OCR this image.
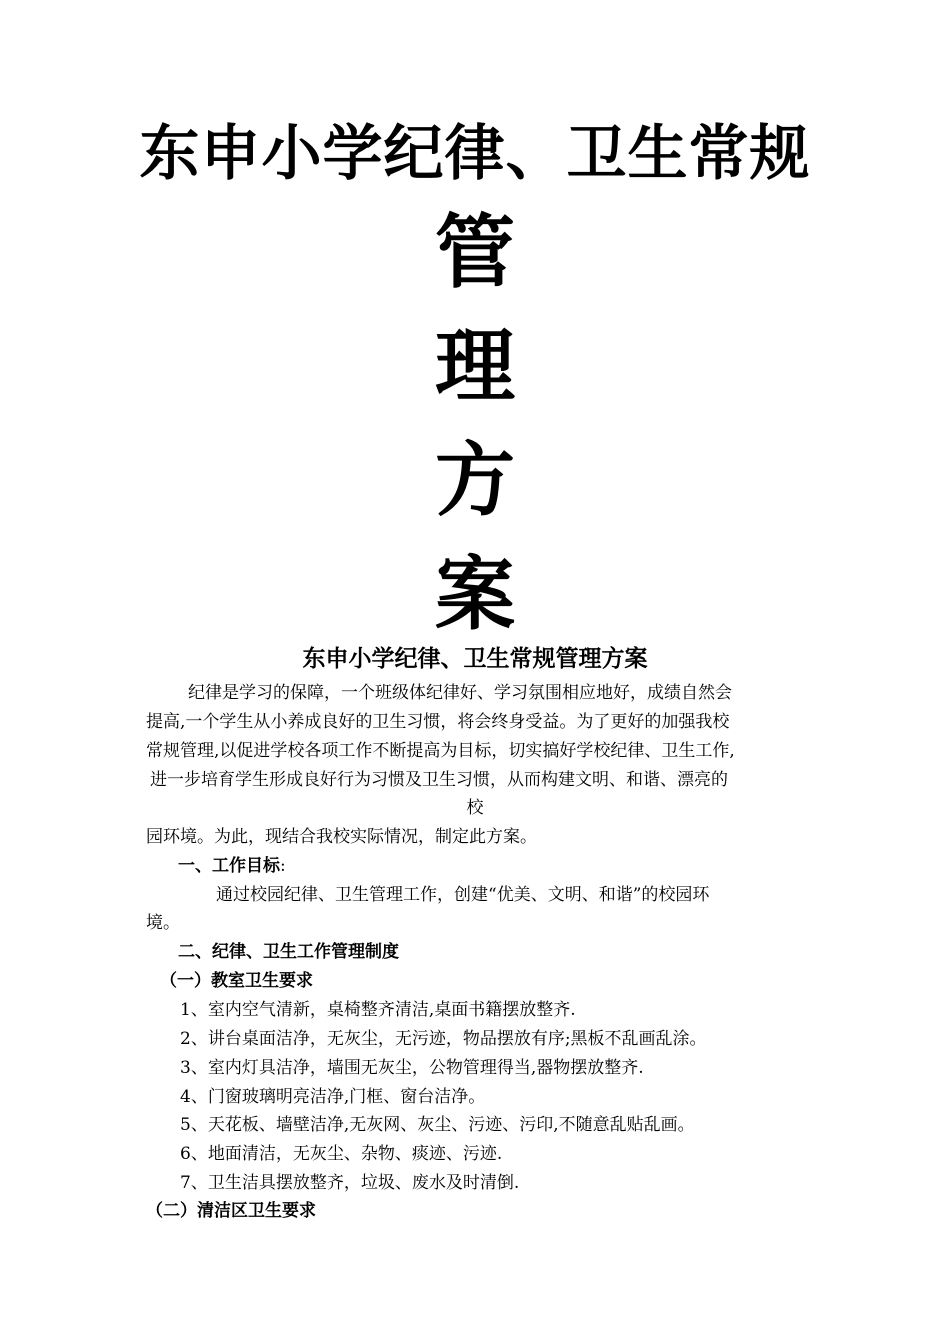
东申小学纪律、卫生常规
管
理
方
案
东申小学纪律、卫生常规管理方案
纪律是学习的保障，一个班级体纪律好、学习氛围相应地好，成绩自然会
提高,一个学生从小养成良好的卫生习惯，将会终身受益。为了更好的加强我校
常规管理,以促进学校各项工作不断提高为目标，切实搞好学校纪律、卫生工作,
进一步培育学生形成良好行为习惯及卫生习惯，从而构建文明、和谐、漂亮的
校
园环境。为此，现结合我校实际情况，制定此方案。
一、工作目标:
通过校园纪律、卫生管理工作，创建“优美、文明、和谐”的校园环
境。
二、纪律、卫生工作管理制度
（一）教室卫生要求
1、室内空气清新，桌椅整齐清洁,桌面书籍摆放整齐.
2、讲台桌面洁净，无灰尘，无污迹，物品摆放有序;黑板不乱画乱涂。
3、室内灯具洁净，墙围无灰尘，公物管理得当,器物摆放整齐.
4、门窗玻璃明亮洁净,门框、窗台洁净。
5、天花板、墙壁洁净,无灰网、灰尘、污迹、污印,不随意乱贴乱画。
6、地面清洁，无灰尘、杂物、痰迹、污迹.
7、卫生洁具摆放整齐，垃圾、废水及时清倒.
（二）清洁区卫生要求
